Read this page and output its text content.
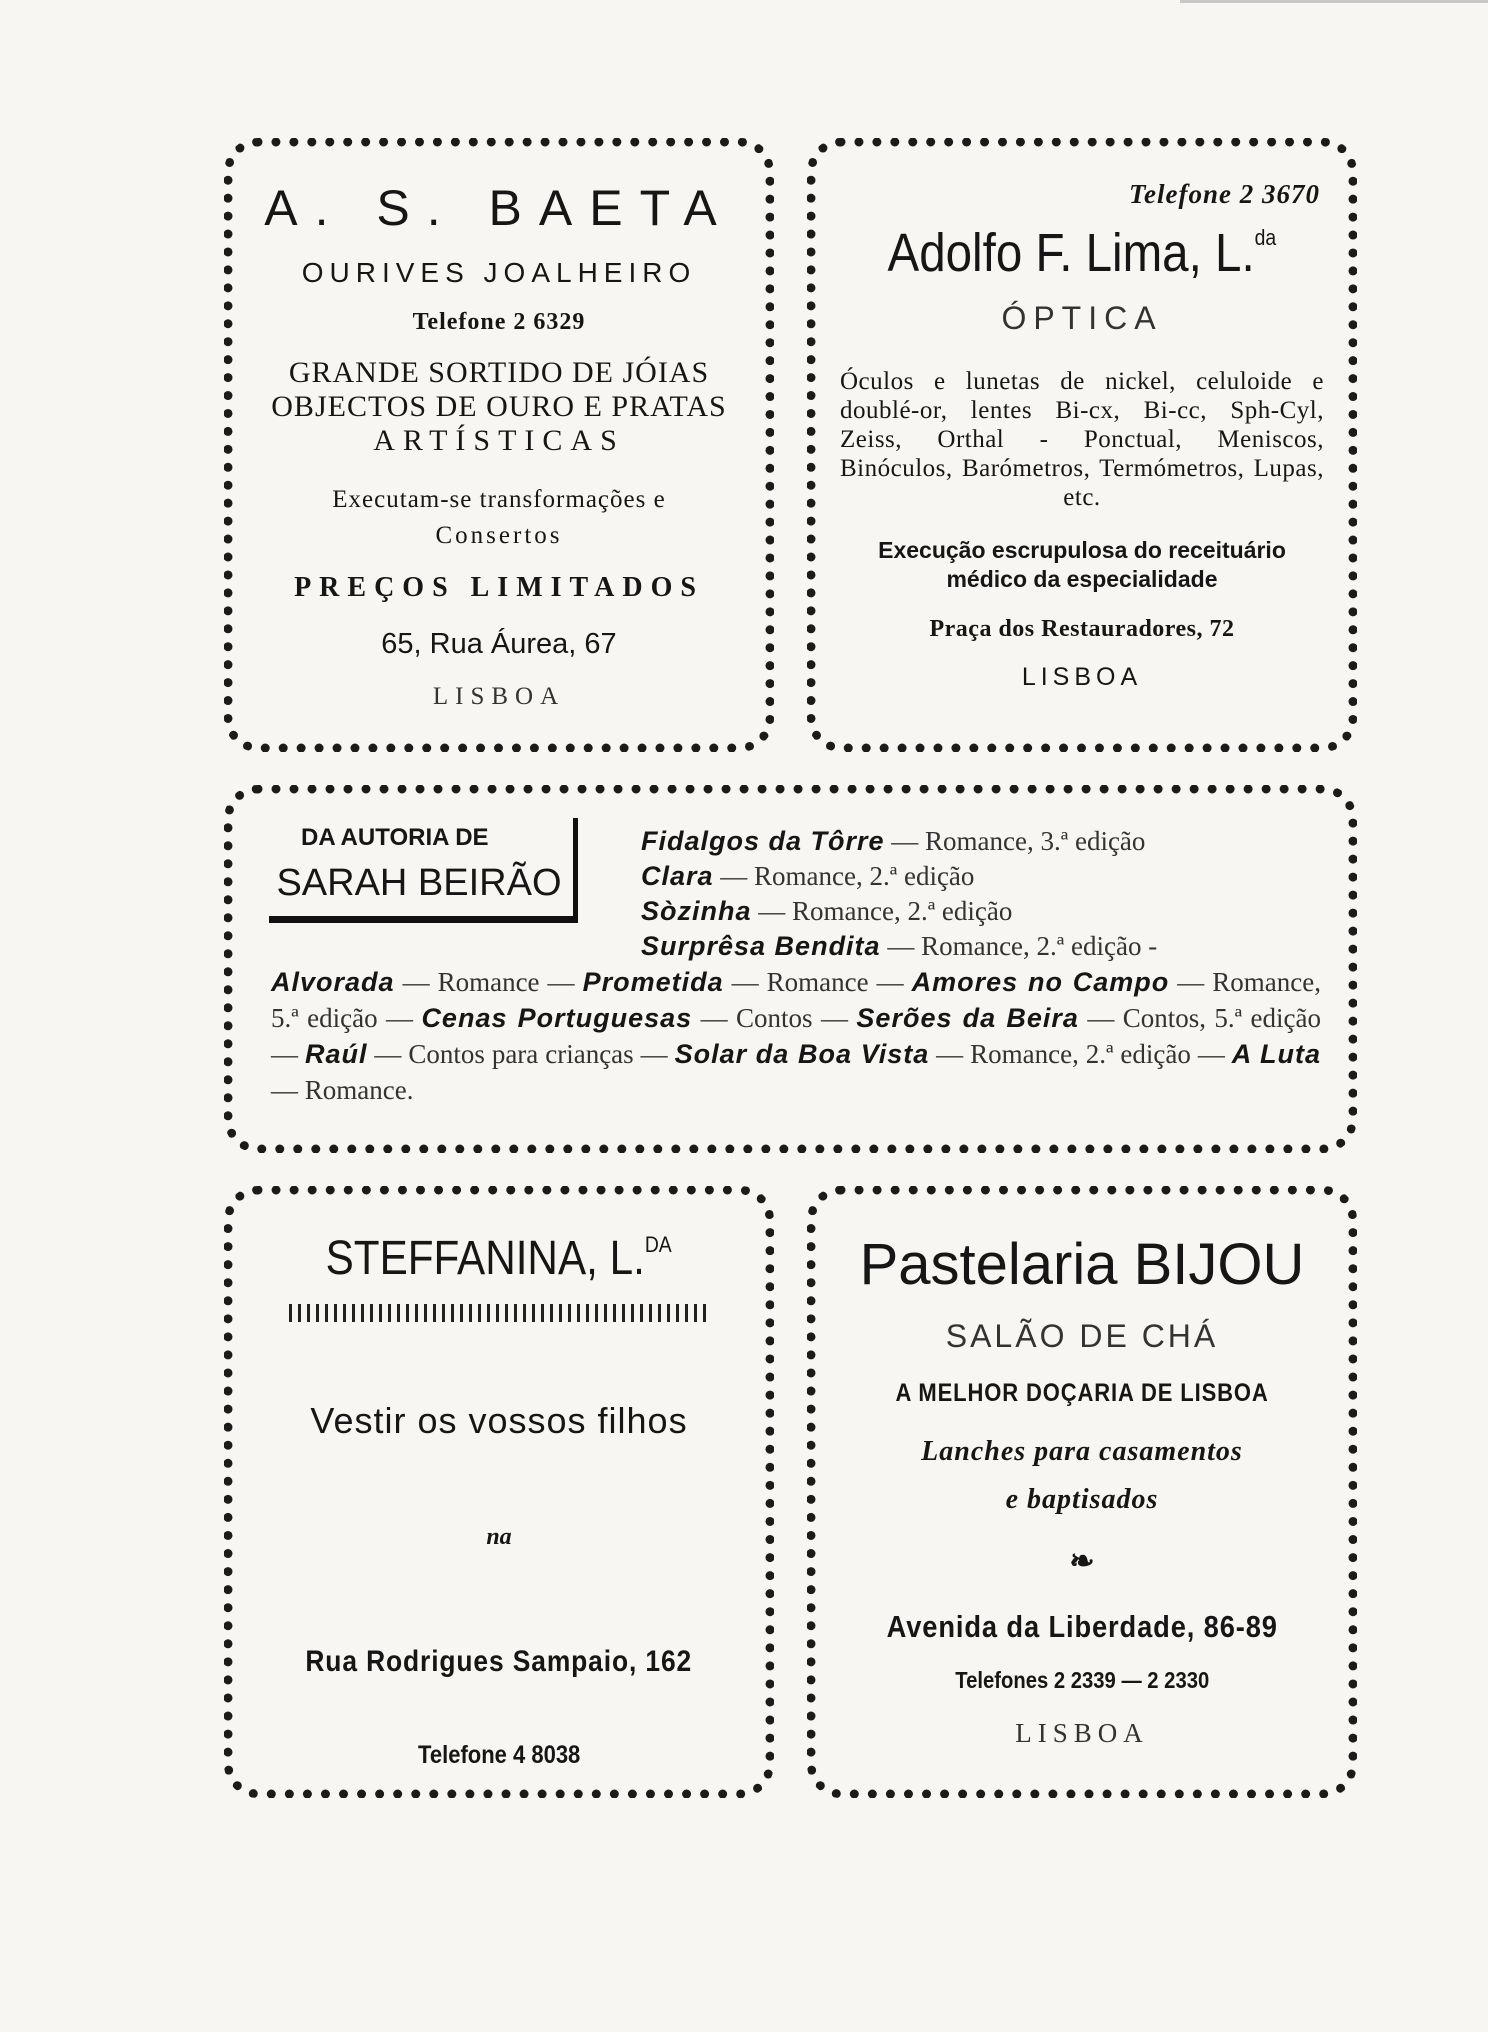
A. S. BAETA
OURIVES JOALHEIRO
Telefone 2 6329
GRANDE SORTIDO DE JÓIAS
OBJECTOS DE OURO E PRATAS
ARTÍSTICAS
Executam-se transformações e
Consertos
PREÇOS LIMITADOS
65, Rua Áurea, 67
LISBOA
Telefone 2 3670
Adolfo F. Lima, L.$^{da}$
ÓPTICA
Óculos e lunetas de nickel, celuloide e doublé-or, lentes Bi-cx, Bi-cc, Sph-Cyl, Zeiss, Orthal - Ponctual, Meniscos, Binóculos, Barómetros, Termómetros, Lupas, etc.
Execução escrupulosa do receituário
médico da especialidade
Praça dos Restauradores, 72
LISBOA
DA AUTORIA DE
SARAH BEIRÃO
Fidalgos da Tôrre — Romance, 3.ª edição
Clara — Romance, 2.ª edição
Sòzinha — Romance, 2.ª edição
Surprêsa Bendita — Romance, 2.ª edição -
Alvorada — Romance — Prometida — Romance — Amores no Campo — Romance, 5.ª edição — Cenas Portuguesas — Contos — Serões da Beira — Contos, 5.ª edição — Raúl — Contos para crianças — Solar da Boa Vista — Romance, 2.ª edição — A Luta — Romance.
STEFFANINA, L.$^{DA}$
Vestir os vossos filhos
na
Rua Rodrigues Sampaio, 162
Telefone 4 8038
Pastelaria BIJOU
SALÃO DE CHÁ
A MELHOR DOÇARIA DE LISBOA
Lanches para casamentos
e baptisados
❧
Avenida da Liberdade, 86-89
Telefones 2 2339 — 2 2330
LISBOA
